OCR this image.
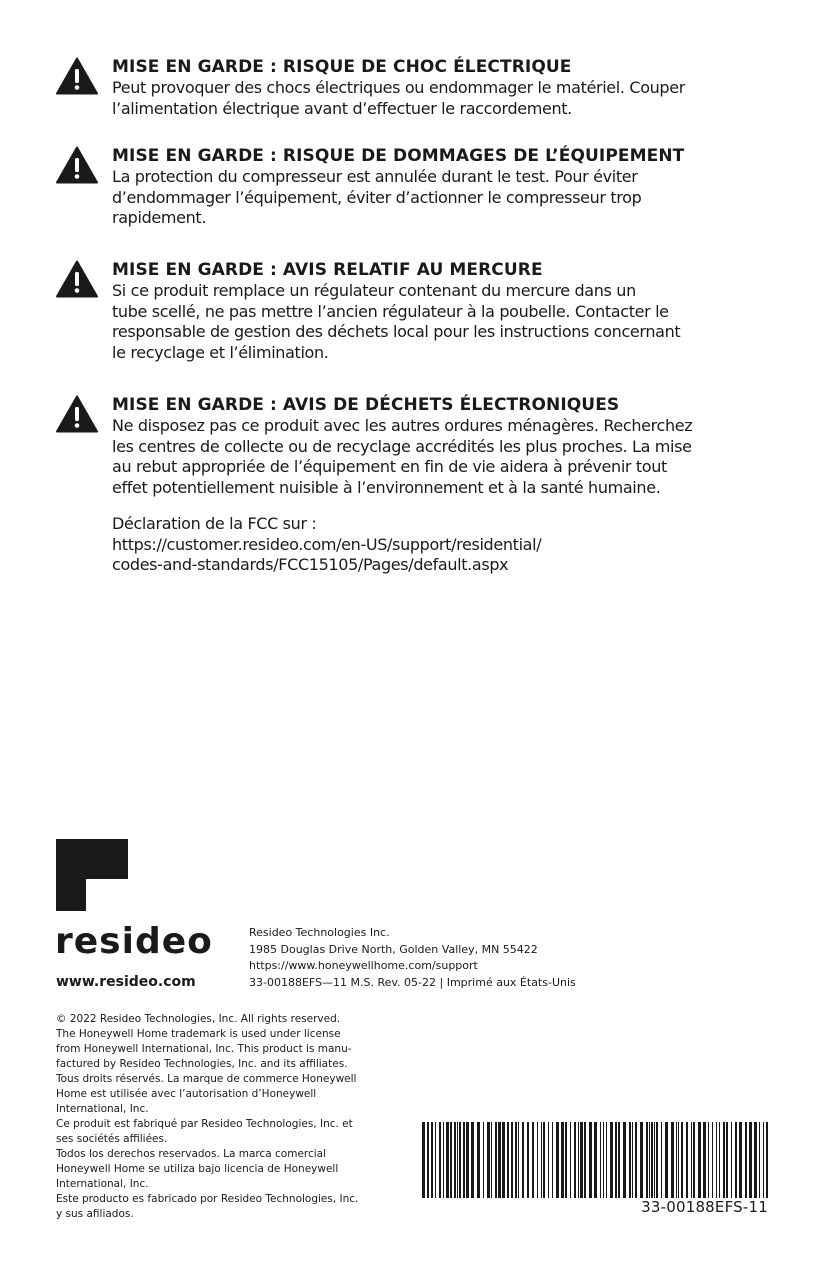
MISE EN GARDE : RISQUE DE CHOC ÉLECTRIQUE
Peut provoquer des chocs électriques ou endommager le matériel. Couper
l’alimentation électrique avant d’effectuer le raccordement.
MISE EN GARDE : RISQUE DE DOMMAGES DE L’ÉQUIPEMENT
La protection du compresseur est annulée durant le test. Pour éviter
d’endommager l’équipement, éviter d’actionner le compresseur trop
rapidement.
MISE EN GARDE : AVIS RELATIF AU MERCURE
Si ce produit remplace un régulateur contenant du mercure dans un
tube scellé, ne pas mettre l’ancien régulateur à la poubelle. Contacter le
responsable de gestion des déchets local pour les instructions concernant
le recyclage et l’élimination.
MISE EN GARDE : AVIS DE DÉCHETS ÉLECTRONIQUES
Ne disposez pas ce produit avec les autres ordures ménagères. Recherchez
les centres de collecte ou de recyclage accrédités les plus proches. La mise
au rebut appropriée de l’équipement en fin de vie aidera à prévenir tout
effet potentiellement nuisible à l’environnement et à la santé humaine.
Déclaration de la FCC sur :
https://customer.resideo.com/en-US/support/residential/
codes-and-standards/FCC15105/Pages/default.aspx
resideo
www.resideo.com
Resideo Technologies Inc.
1985 Douglas Drive North, Golden Valley, MN 55422
https://www.honeywellhome.com/support
33-00188EFS—11 M.S. Rev. 05-22 | Imprimé aux États-Unis
© 2022 Resideo Technologies, Inc. All rights reserved.
The Honeywell Home trademark is used under license
from Honeywell International, Inc. This product is manu-
factured by Resideo Technologies, Inc. and its affiliates.
Tous droits réservés. La marque de commerce Honeywell
Home est utilisée avec l’autorisation d’Honeywell
International, Inc.
Ce produit est fabriqué par Resideo Technologies, Inc. et
ses sociétés affiliées.
Todos los derechos reservados. La marca comercial
Honeywell Home se utiliza bajo licencia de Honeywell
International, Inc.
Este producto es fabricado por Resideo Technologies, Inc.
y sus afiliados.	33-00188EFS-11
